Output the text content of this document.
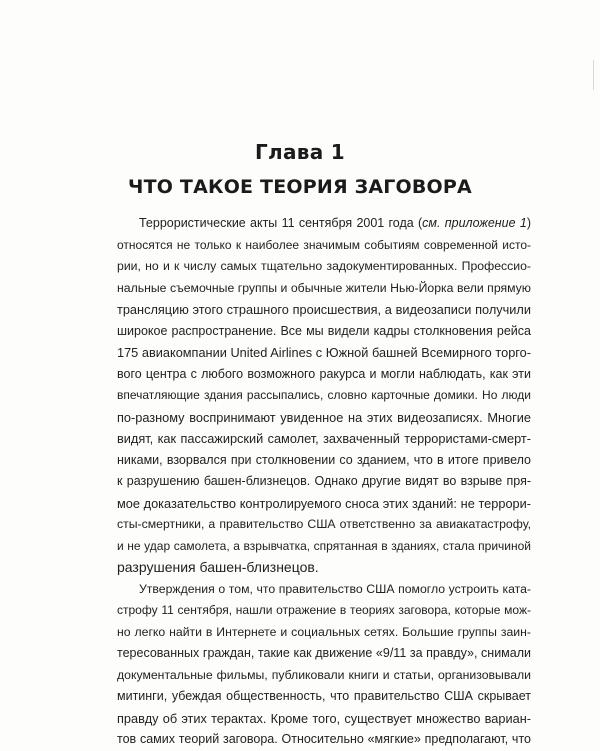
Глава 1
ЧТО ТАКОЕ ТЕОРИЯ ЗАГОВОРА
Террористические акты 11 сентября 2001 года (см. приложение 1)
относятся не только к наиболее значимым событиям современной исто-
рии, но и к числу самых тщательно задокументированных. Профессио-
нальные съемочные группы и обычные жители Нью-Йорка вели прямую
трансляцию этого страшного происшествия, а видеозаписи получили
широкое распространение. Все мы видели кадры столкновения рейса
175 авиакомпании United Airlines с Южной башней Всемирного торго-
вого центра с любого возможного ракурса и могли наблюдать, как эти
впечатляющие здания рассыпались, словно карточные домики. Но люди
по-разному воспринимают увиденное на этих видеозаписях. Многие
видят, как пассажирский самолет, захваченный террористами-смерт-
никами, взорвался при столкновении со зданием, что в итоге привело
к разрушению башен-близнецов. Однако другие видят во взрыве пря-
мое доказательство контролируемого сноса этих зданий: не террори-
сты-смертники, а правительство США ответственно за авиакатастрофу,
и не удар самолета, а взрывчатка, спрятанная в зданиях, стала причиной
разрушения башен-близнецов.
Утверждения о том, что правительство США помогло устроить ката-
строфу 11 сентября, нашли отражение в теориях заговора, которые мож-
но легко найти в Интернете и социальных сетях. Большие группы заин-
тересованных граждан, такие как движение «9/11 за правду», снимали
документальные фильмы, публиковали книги и статьи, организовывали
митинги, убеждая общественность, что правительство США скрывает
правду об этих терактах. Кроме того, существует множество вариан-
тов самих теорий заговора. Относительно «мягкие» предполагают, что
